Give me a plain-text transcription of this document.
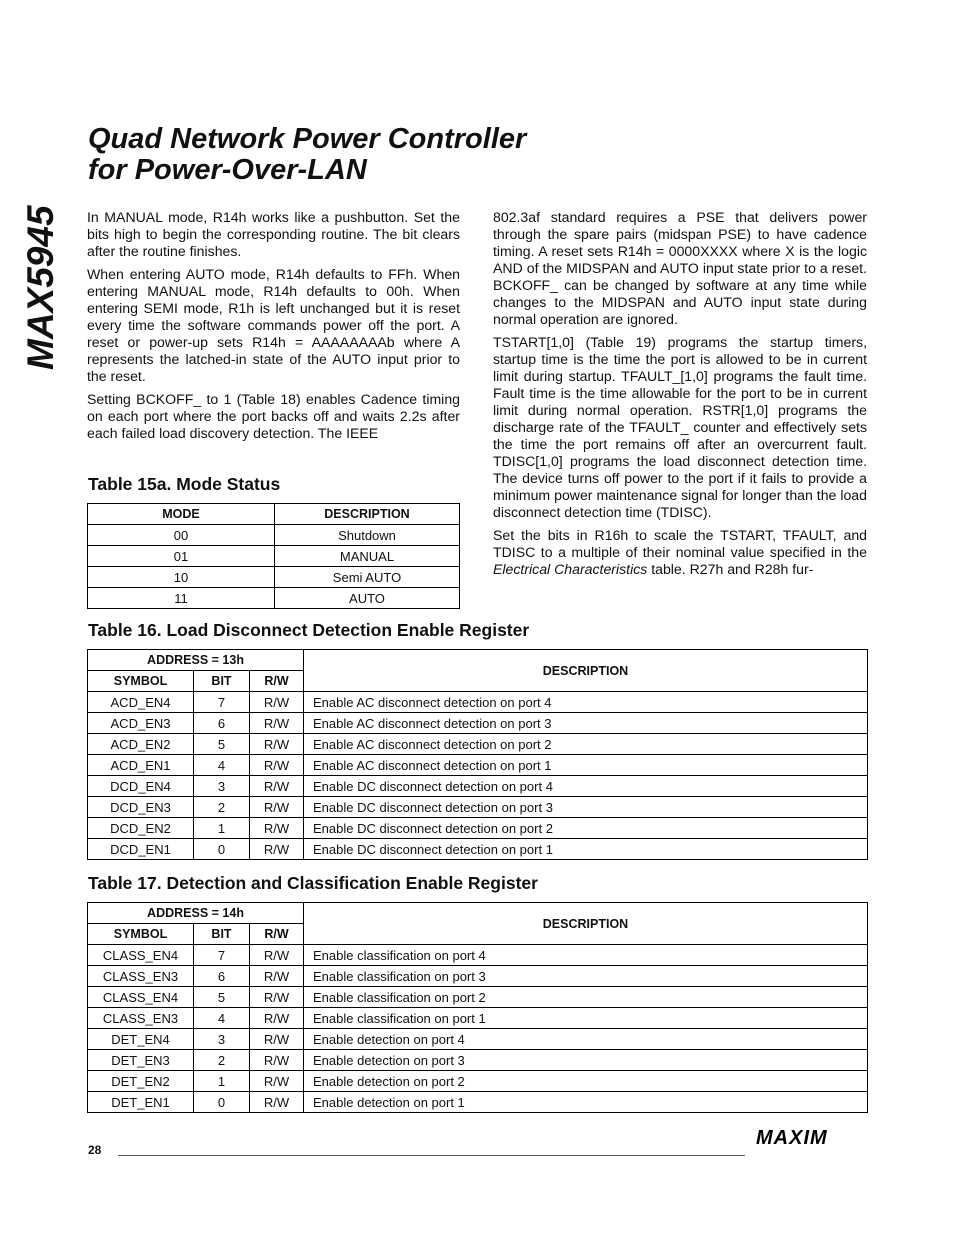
MAX5945
Quad Network Power Controller
for Power-Over-LAN

In MANUAL mode, R14h works like a pushbutton. Set the bits high to begin the corresponding routine. The bit clears after the routine finishes.

When entering AUTO mode, R14h defaults to FFh. When entering MANUAL mode, R14h defaults to 00h. When entering SEMI mode, R1h is left unchanged but it is reset every time the software commands power off the port. A reset or power-up sets R14h = AAAAAAAAb where A represents the latched-in state of the AUTO input prior to the reset.

Setting BCKOFF_ to 1 (Table 18) enables Cadence timing on each port where the port backs off and waits 2.2s after each failed load discovery detection. The IEEE

802.3af standard requires a PSE that delivers power through the spare pairs (midspan PSE) to have cadence timing. A reset sets R14h = 0000XXXX where X is the logic AND of the MIDSPAN and AUTO input state prior to a reset. BCKOFF_ can be changed by software at any time while changes to the MIDSPAN and AUTO input state during normal operation are ignored.

TSTART[1,0] (Table 19) programs the startup timers, startup time is the time the port is allowed to be in current limit during startup. TFAULT_[1,0] programs the fault time. Fault time is the time allowable for the port to be in current limit during normal operation. RSTR[1,0] programs the discharge rate of the TFAULT_ counter and effectively sets the time the port remains off after an overcurrent fault. TDISC[1,0] programs the load disconnect detection time. The device turns off power to the port if it fails to provide a minimum power maintenance signal for longer than the load disconnect detection time (TDISC).

Set the bits in R16h to scale the TSTART, TFAULT, and TDISC to a multiple of their nominal value specified in the Electrical Characteristics table. R27h and R28h fur-

Table 15a. Mode Status
MODE	DESCRIPTION
00	Shutdown
01	MANUAL
10	Semi AUTO
11	AUTO
Table 16. Load Disconnect Detection Enable Register
ADDRESS = 13h			DESCRIPTION
SYMBOL	BIT	R/W	
ACD_EN4	7	R/W	Enable AC disconnect detection on port 4
ACD_EN3	6	R/W	Enable AC disconnect detection on port 3
ACD_EN2	5	R/W	Enable AC disconnect detection on port 2
ACD_EN1	4	R/W	Enable AC disconnect detection on port 1
DCD_EN4	3	R/W	Enable DC disconnect detection on port 4
DCD_EN3	2	R/W	Enable DC disconnect detection on port 3
DCD_EN2	1	R/W	Enable DC disconnect detection on port 2
DCD_EN1	0	R/W	Enable DC disconnect detection on port 1
Table 17. Detection and Classification Enable Register
ADDRESS = 14h			DESCRIPTION
SYMBOL	BIT	R/W	
CLASS_EN4	7	R/W	Enable classification on port 4
CLASS_EN3	6	R/W	Enable classification on port 3
CLASS_EN4	5	R/W	Enable classification on port 2
CLASS_EN3	4	R/W	Enable classification on port 1
DET_EN4	3	R/W	Enable detection on port 4
DET_EN3	2	R/W	Enable detection on port 3
DET_EN2	1	R/W	Enable detection on port 2
DET_EN1	0	R/W	Enable detection on port 1
28
MAXIM
